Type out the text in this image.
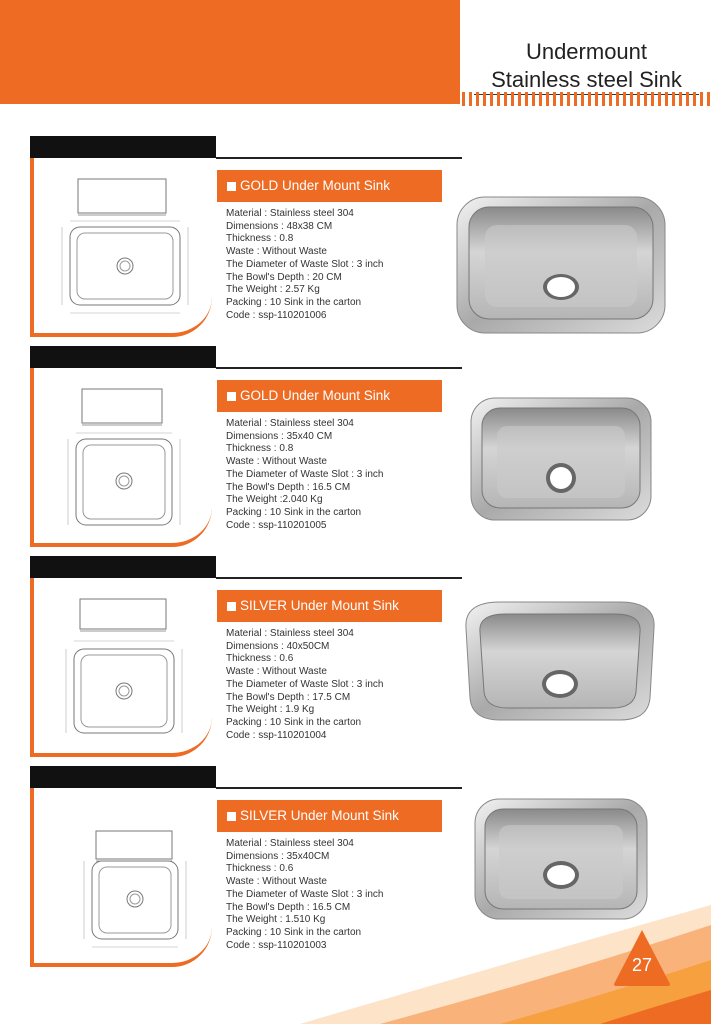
Undermount
Stainless steel Sink
GOLD Under Mount Sink
Material : Stainless steel 304
Dimensions : 48x38 CM
Thickness : 0.8
Waste : Without Waste
The Diameter of Waste Slot : 3 inch
The Bowl's Depth : 20 CM
The Weight : 2.57 Kg
Packing : 10 Sink in the carton
Code : ssp-110201006
GOLD Under Mount Sink
Material : Stainless steel 304
Dimensions : 35x40 CM
Thickness : 0.8
Waste : Without Waste
The Diameter of Waste Slot : 3 inch
The Bowl's Depth : 16.5 CM
The Weight :2.040 Kg
Packing : 10 Sink in the carton
Code : ssp-110201005
SILVER Under Mount Sink
Material : Stainless steel 304
Dimensions : 40x50CM
Thickness : 0.6
Waste : Without Waste
The Diameter of Waste Slot : 3 inch
The Bowl's Depth : 17.5 CM
The Weight : 1.9 Kg
Packing : 10 Sink in the carton
Code : ssp-110201004
SILVER Under Mount Sink
Material : Stainless steel 304
Dimensions : 35x40CM
Thickness : 0.6
Waste : Without Waste
The Diameter of Waste Slot : 3 inch
The Bowl's Depth : 16.5 CM
The Weight : 1.510 Kg
Packing : 10 Sink in the carton
Code : ssp-110201003
27
